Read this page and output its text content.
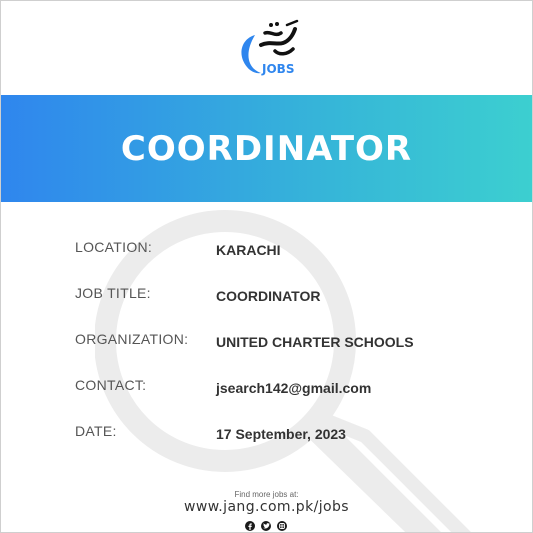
JOBS
COORDINATOR
LOCATION:	KARACHI
JOB TITLE:	COORDINATOR
ORGANIZATION: UNITED CHARTER SCHOOLS
CONTACT:	jsearch142@gmail.com
DATE:	17 September, 2023
Find more jobs at:
www.jang.com.pk/jobs
